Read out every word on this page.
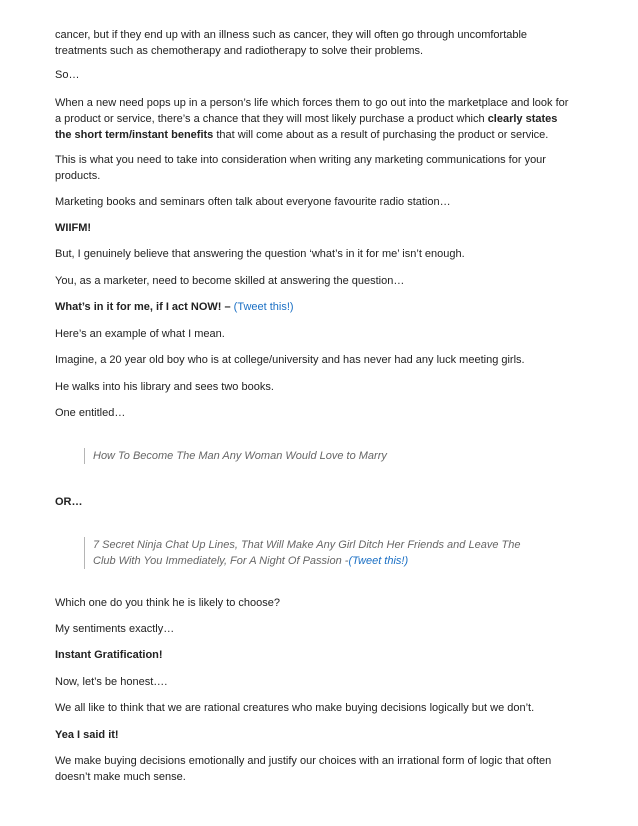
cancer, but if they end up with an illness such as cancer, they will often go through uncomfortable
treatments such as chemotherapy and radiotherapy to solve their problems.

So…

When a new need pops up in a person’s life which forces them to go out into the marketplace and look for
a product or service, there’s a chance that they will most likely purchase a product which clearly states
the short term/instant benefits that will come about as a result of purchasing the product or service.

This is what you need to take into consideration when writing any marketing communications for your
products.

Marketing books and seminars often talk about everyone favourite radio station…

WIIFM!

But, I genuinely believe that answering the question ‘what’s in it for me’ isn’t enough.

You, as a marketer, need to become skilled at answering the question…

What’s in it for me, if I act NOW! – (Tweet this!)

Here’s an example of what I mean.

Imagine, a 20 year old boy who is at college/university and has never had any luck meeting girls.

He walks into his library and sees two books.

One entitled…

How To Become The Man Any Woman Would Love to Marry

OR…

7 Secret Ninja Chat Up Lines, That Will Make Any Girl Ditch Her Friends and Leave The
Club With You Immediately, For A Night Of Passion -(Tweet this!)

Which one do you think he is likely to choose?

My sentiments exactly…

Instant Gratification!

Now, let’s be honest….

We all like to think that we are rational creatures who make buying decisions logically but we don’t.

Yea I said it!

We make buying decisions emotionally and justify our choices with an irrational form of logic that often
doesn’t make much sense.
